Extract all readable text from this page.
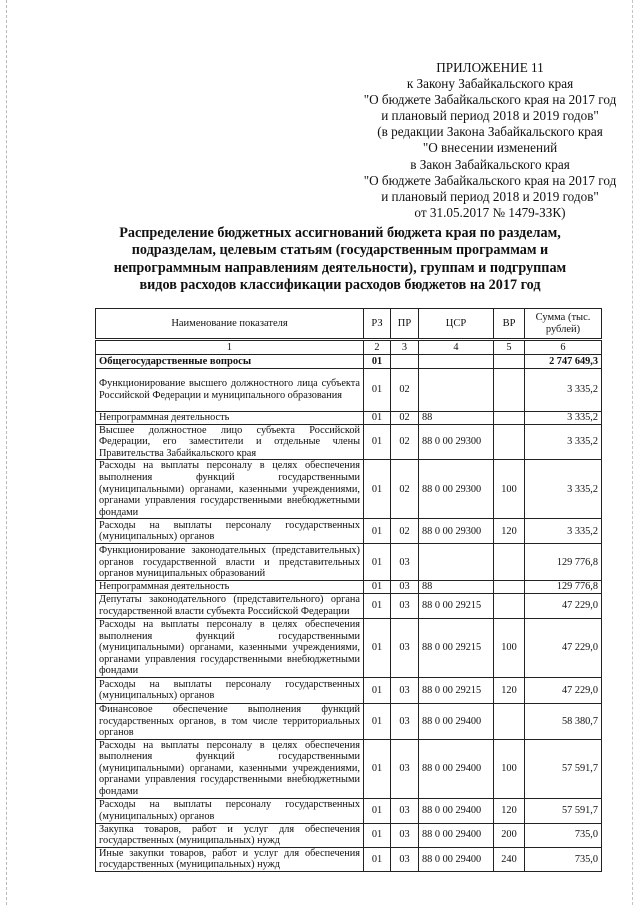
ПРИЛОЖЕНИЕ 11
к Закону Забайкальского края
"О бюджете Забайкальского края на 2017 год
и плановый период 2018 и 2019 годов"
(в редакции Закона Забайкальского края
"О внесении изменений
в Закон Забайкальского края
"О бюджете Забайкальского края на 2017 год
и плановый период 2018 и 2019 годов"
от 31.05.2017 № 1479-ЗЗК)
Распределение бюджетных ассигнований бюджета края по разделам,
подразделам, целевым статьям (государственным программам и
непрограммным направлениям деятельности), группам и подгруппам
видов расходов классификации расходов бюджетов на 2017 год
Наименование показателя	РЗ	ПР	ЦСР	ВР	Сумма (тыс. рублей)
1	2	3	4	5	6
Общегосударственные вопросы	01				2 747 649,3
Функционирование высшего должностного лица субъекта Российской Федерации и муниципального образования	01	02			3 335,2
Непрограммная деятельность	01	02	88		3 335,2
Высшее должностное лицо субъекта Российской Федерации, его заместители и отдельные члены Правительства Забайкальского края	01	02	88 0 00 29300		3 335,2
Расходы на выплаты персоналу в целях обеспечения выполнения функций государственными (муниципальными) органами, казенными учреждениями, органами управления государственными внебюджетными фондами	01	02	88 0 00 29300	100	3 335,2
Расходы на выплаты персоналу государственных (муниципальных) органов	01	02	88 0 00 29300	120	3 335,2
Функционирование законодательных (представительных) органов государственной власти и представительных органов муниципальных образований	01	03			129 776,8
Непрограммная деятельность	01	03	88		129 776,8
Депутаты законодательного (представительного) органа государственной власти субъекта Российской Федерации	01	03	88 0 00 29215		47 229,0
Расходы на выплаты персоналу в целях обеспечения выполнения функций государственными (муниципальными) органами, казенными учреждениями, органами управления государственными внебюджетными фондами	01	03	88 0 00 29215	100	47 229,0
Расходы на выплаты персоналу государственных (муниципальных) органов	01	03	88 0 00 29215	120	47 229,0
Финансовое обеспечение выполнения функций государственных органов, в том числе территориальных органов	01	03	88 0 00 29400		58 380,7
Расходы на выплаты персоналу в целях обеспечения выполнения функций государственными (муниципальными) органами, казенными учреждениями, органами управления государственными внебюджетными фондами	01	03	88 0 00 29400	100	57 591,7
Расходы на выплаты персоналу государственных (муниципальных) органов	01	03	88 0 00 29400	120	57 591,7
Закупка товаров, работ и услуг для обеспечения государственных (муниципальных) нужд	01	03	88 0 00 29400	200	735,0
Иные закупки товаров, работ и услуг для обеспечения государственных (муниципальных) нужд	01	03	88 0 00 29400	240	735,0
